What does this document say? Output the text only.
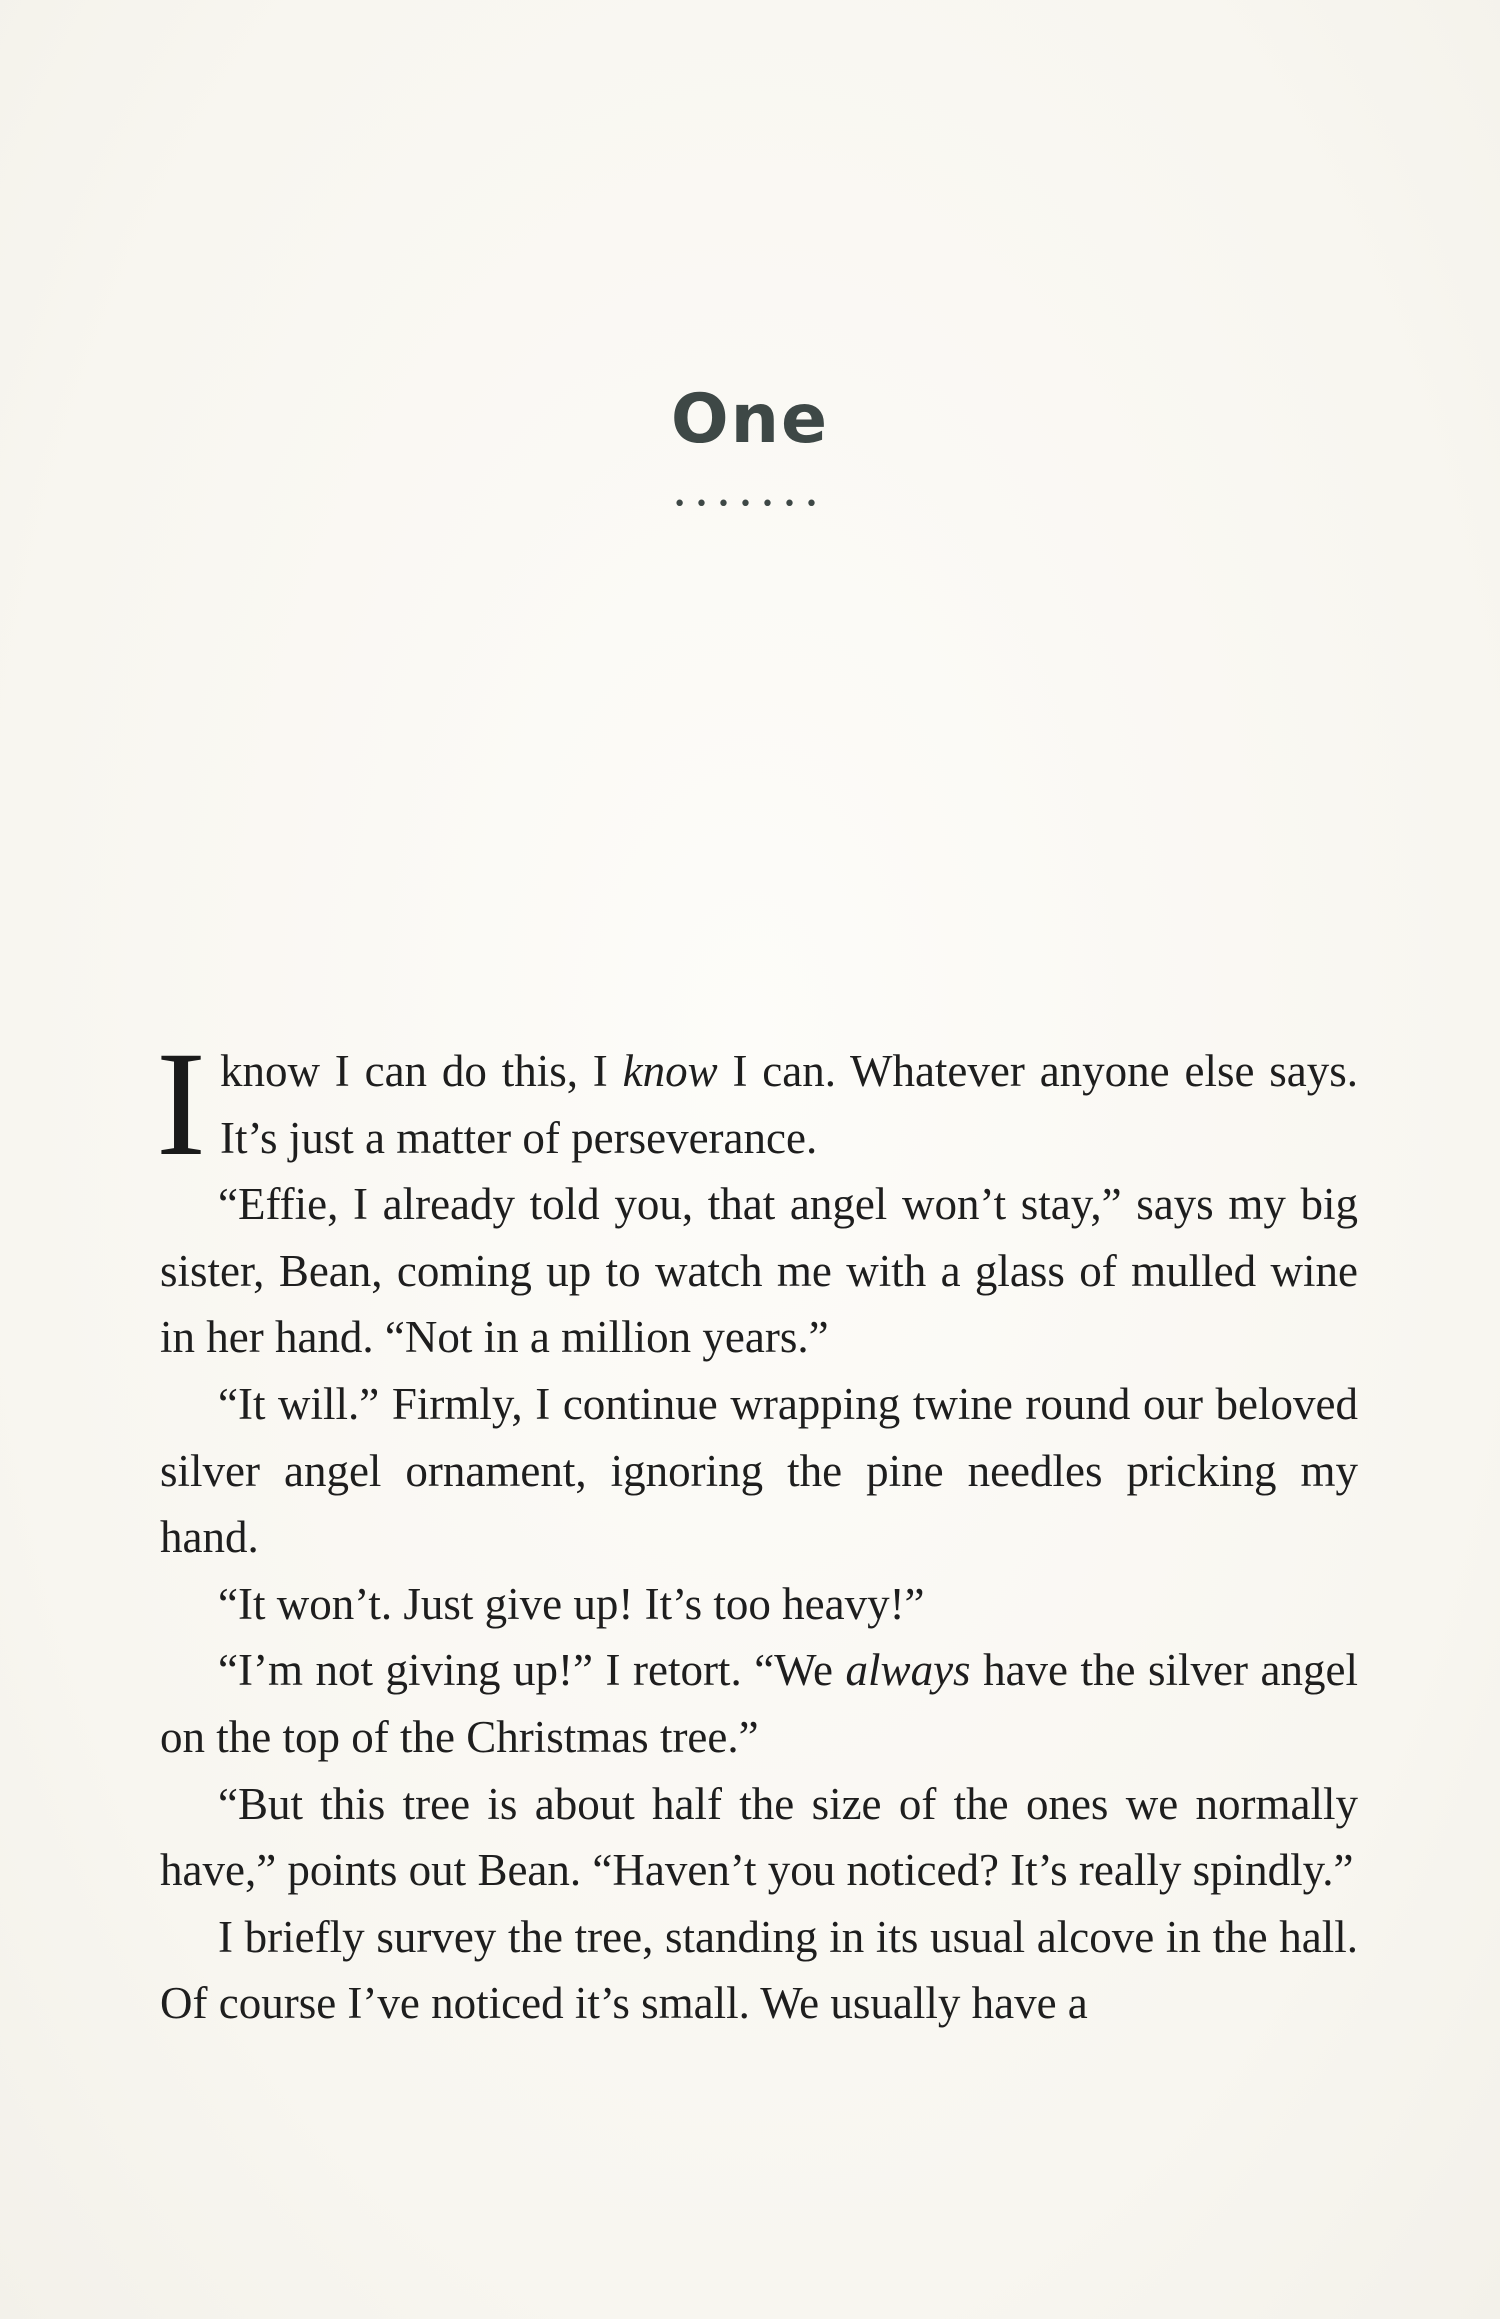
One
•••••••

I know I can do this, I know I can. Whatever anyone else says. It’s just a matter of perseverance.

“Effie, I already told you, that angel won’t stay,” says my big sister, Bean, coming up to watch me with a glass of mulled wine in her hand. “Not in a million years.”

“It will.” Firmly, I continue wrapping twine round our beloved silver angel ornament, ignoring the pine needles pricking my hand.

“It won’t. Just give up! It’s too heavy!”

“I’m not giving up!” I retort. “We always have the silver angel on the top of the Christmas tree.”

“But this tree is about half the size of the ones we normally have,” points out Bean. “Haven’t you noticed? It’s really spindly.”

I briefly survey the tree, standing in its usual alcove in the hall. Of course I’ve noticed it’s small. We usually have a
